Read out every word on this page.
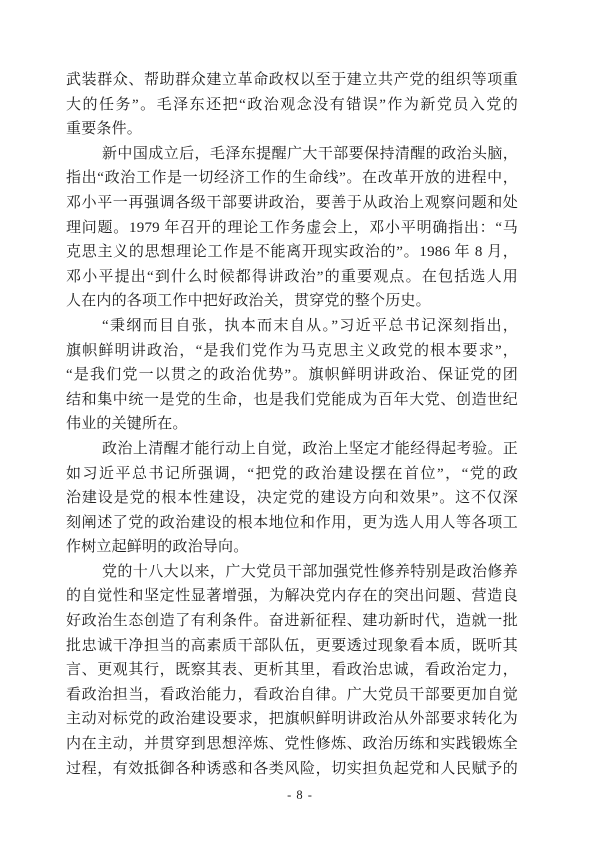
武装群众、帮助群众建立革命政权以至于建立共产党的组织等项重
大的任务”。毛泽东还把“政治观念没有错误”作为新党员入党的
重要条件。
新中国成立后，毛泽东提醒广大干部要保持清醒的政治头脑，
指出“政治工作是一切经济工作的生命线”。在改革开放的进程中，
邓小平一再强调各级干部要讲政治，要善于从政治上观察问题和处
理问题。1979 年召开的理论工作务虚会上，邓小平明确指出：“马
克思主义的思想理论工作是不能离开现实政治的”。1986 年 8 月，
邓小平提出“到什么时候都得讲政治”的重要观点。在包括选人用
人在内的各项工作中把好政治关，贯穿党的整个历史。
“秉纲而目自张，执本而末自从。”习近平总书记深刻指出，
旗帜鲜明讲政治，“是我们党作为马克思主义政党的根本要求”，
“是我们党一以贯之的政治优势”。旗帜鲜明讲政治、保证党的团
结和集中统一是党的生命，也是我们党能成为百年大党、创造世纪
伟业的关键所在。
政治上清醒才能行动上自觉，政治上坚定才能经得起考验。正
如习近平总书记所强调，“把党的政治建设摆在首位”，“党的政
治建设是党的根本性建设，决定党的建设方向和效果”。这不仅深
刻阐述了党的政治建设的根本地位和作用，更为选人用人等各项工
作树立起鲜明的政治导向。
党的十八大以来，广大党员干部加强党性修养特别是政治修养
的自觉性和坚定性显著增强，为解决党内存在的突出问题、营造良
好政治生态创造了有利条件。奋进新征程、建功新时代，造就一批
批忠诚干净担当的高素质干部队伍，更要透过现象看本质，既听其
言、更观其行，既察其表、更析其里，看政治忠诚，看政治定力，
看政治担当，看政治能力，看政治自律。广大党员干部要更加自觉
主动对标党的政治建设要求，把旗帜鲜明讲政治从外部要求转化为
内在主动，并贯穿到思想淬炼、党性修炼、政治历练和实践锻炼全
过程，有效抵御各种诱惑和各类风险，切实担负起党和人民赋予的
- 8 -
